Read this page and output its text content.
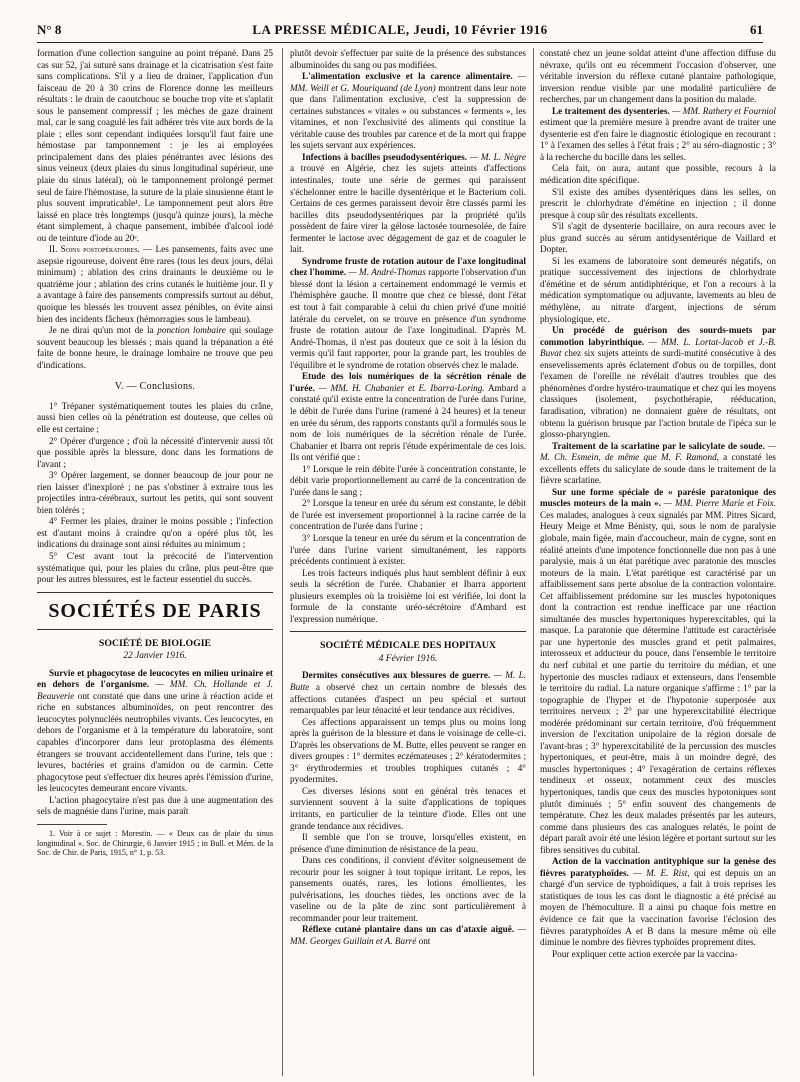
N° 8	LA PRESSE MÉDICALE, Jeudi, 10 Février 1916	61

formation d'une collection sanguine au point trépané. Dans 25 cas sur 52, j'ai suturé sans drainage et la cicatrisation s'est faite sans complications. S'il y a lieu de drainer, l'application d'un faisceau de 20 à 30 crins de Florence donne les meilleurs résultats : le drain de caoutchouc se bouche trop vite et s'aplatit sous le pansement compressif ; les mèches de gaze drainent mal, car le sang coagulé les fait adhérer très vite aux bords de la plaie ; elles sont cependant indiquées lorsqu'il faut faire une hémostase par tamponnement : je les ai employées principalement dans des plaies pénétrantes avec lésions des sinus veineux (deux plaies du sinus longitudinal supérieur, une plaie du sinus latéral), où le tamponnement prolongé permet seul de faire l'hémostase, la suture de la plaie sinusienne étant le plus souvent impraticable¹. Le tamponnement peut alors être laissé en place très longtemps (jusqu'à quinze jours), la mèche étant simplement, à chaque pansement, imbibée d'alcool iodé ou de teinture d'iode au 20ᵉ.

II. Soins postopératoires. — Les pansements, faits avec une asepsie rigoureuse, doivent être rares (tous les deux jours, délai minimum) ; ablation des crins drainants le deuxième ou le quatrième jour ; ablation des crins cutanés le huitième jour. Il y a avantage à faire des pansements compressifs surtout au début, quoique les blessés les trouvent assez pénibles, on évite ainsi bien des incidents fâcheux (hémorragies sous le lambeau).

Je ne dirai qu'un mot de la ponction lombaire qui soulage souvent beaucoup les blessés ; mais quand la trépanation a été faite de bonne heure, le drainage lombaire ne trouve que peu d'indications.

V. — Conclusions.

1° Trépaner systématiquement toutes les plaies du crâne, aussi bien celles où la pénétration est douteuse, que celles où elle est certaine ;

2° Opérer d'urgence ; d'où la nécessité d'intervenir aussi tôt que possible après la blessure, donc dans les formations de l'avant ;

3° Opérer largement, se donner beaucoup de jour pour ne rien laisser d'inexploré ; ne pas s'obstiner à extraire tous les projectiles intra-cérébraux, surtout les petits, qui sont souvent bien tolérés ;

4° Fermer les plaies, drainer le moins possible ; l'infection est d'autant moins à craindre qu'on a opéré plus tôt, les indications du drainage sont ainsi réduites au minimum ;

5° C'est avant tout la précocité de l'intervention systématique qui, pour les plaies du crâne, plus peut-être que pour les autres blessures, est le facteur essentiel du succès.

SOCIÉTÉS DE PARIS
SOCIÉTÉ DE BIOLOGIE
22 Janvier 1916.

Survie et phagocytose de leucocytes en milieu urinaire et en dehors de l'organisme. — MM. Ch. Hollande et J. Beauverie ont constaté que dans une urine à réaction acide et riche en substances albuminoïdes, on peut rencontrer des leucocytes polynucléés neutrophiles vivants. Ces leucocytes, en dehors de l'organisme et à la température du laboratoire, sont capables d'incorporer dans leur protoplasma des éléments étrangers se trouvant accidentellement dans l'urine, tels que : levures, bactéries et grains d'amidon ou de carmin. Cette phagocytose peut s'effectuer dix heures après l'émission d'urine, les leucocytes demeurant encore vivants.

L'action phagocytaire n'est pas due à une augmentation des sels de magnésie dans l'urine, mais paraît

1. Voir à ce sujet : Morestin. — « Deux cas de plaie du sinus longitudinal ». Soc. de Chirurgie, 6 Janvier 1915 ; in Bull. et Mém. de la Soc. de Chir. de Paris, 1915, n° 1, p. 53.

plutôt devoir s'effectuer par suite de la présence des substances albuminoïdes du sang ou pas modifiées.

L'alimentation exclusive et la carence alimentaire. — MM. Weill et G. Mouriquand (de Lyon) montrent dans leur note que dans l'alimentation exclusive, c'est la suppression de certaines substances « vitales » ou substances « ferments », les vitamines, et non l'exclusivité des aliments qui constitue la véritable cause des troubles par carence et de la mort qui frappe les sujets servant aux expériences.

Infections à bacilles pseudodysentériques. — M. L. Nègre a trouvé en Algérie, chez les sujets atteints d'affections intestinales, toute une série de germes qui paraissent s'échelonner entre le bacille dysentérique et le Bacterium coli. Certains de ces germes paraissent devoir être classés parmi les bacilles dits pseudodysentériques par la propriété qu'ils possèdent de faire virer la gélose lactosée tournesolée, de faire fermenter le lactose avec dégagement de gaz et de coaguler le lait.

Syndrome fruste de rotation autour de l'axe longitudinal chez l'homme. — M. André-Thomas rapporte l'observation d'un blessé dont la lésion a certainement endommagé le vermis et l'hémisphère gauche. Il montre que chez ce blessé, dont l'état est tout à fait comparable à celui du chien privé d'une moitié latérale du cervelet, on se trouve en présence d'un syndrome fruste de rotation autour de l'axe longitudinal. D'après M. André-Thomas, il n'est pas douteux que ce soit à la lésion du vermis qu'il faut rapporter, pour la grande part, les troubles de l'équilibre et le syndrome de rotation observés chez le malade.

Etude des lois numériques de la sécrétion rénale de l'urée. — MM. H. Chabanier et E. Ibarra-Loring. Ambard a constaté qu'il existe entre la concentration de l'urée dans l'urine, le débit de l'urée dans l'urine (ramené à 24 heures) et la teneur en urée du sérum, des rapports constants qu'il a formulés sous le nom de lois numériques de la sécrétion rénale de l'urée. Chabanier et Ibarra ont repris l'étude expérimentale de ces lois. Ils ont vérifié que :

1° Lorsque le rein débite l'urée à concentration constante, le débit varie proportionnellement au carré de la concentration de l'urée dans le sang ;

2° Lorsque la teneur en urée du sérum est constante, le débit de l'urée est inversement proportionnel à la racine carrée de la concentration de l'urée dans l'urine ;

3° Lorsque la teneur en urée du sérum et la concentration de l'urée dans l'urine varient simultanément, les rapports précédents continuent à exister.

Les trois facteurs indiqués plus haut semblent définir à eux seuls la sécrétion de l'urée. Chabanier et Ibarra apportent plusieurs exemples où la troisième loi est vérifiée, loi dont la formule de la constante uréo-sécrétoire d'Ambard est l'expression numérique.

SOCIÉTÉ MÉDICALE DES HOPITAUX
4 Février 1916.

Dermites consécutives aux blessures de guerre. — M. L. Butte a observé chez un certain nombre de blessés des affections cutanées d'aspect un peu spécial et surtout remarquables par leur ténacité et leur tendance aux récidives.

Ces affections apparaissent un temps plus ou moins long après la guérison de la blessure et dans le voisinage de celle-ci. D'après les observations de M. Butte, elles peuvent se ranger en divers groupes : 1° dermites eczémateuses ; 2° kératodermites ; 3° érythrodermies et troubles trophiques cutanés ; 4° pyodermites.

Ces diverses lésions sont en général très tenaces et surviennent souvent à la suite d'applications de topiques irritants, en particulier de la teinture d'iode. Elles ont une grande tendance aux récidives.

Il semble que l'on se trouve, lorsqu'elles existent, en présence d'une diminution de résistance de la peau.

Dans ces conditions, il convient d'éviter soigneusement de recourir pour les soigner à tout topique irritant. Le repos, les pansements ouatés, rares, les lotions émollientes, les pulvérisations, les douches tièdes, les onctions avec de la vaseline ou de la pâte de zinc sont particulièrement à recommander pour leur traitement.

Réflexe cutané plantaire dans un cas d'ataxie aiguë. — MM. Georges Guillain et A. Barré ont

constaté chez un jeune soldat atteint d'une affection diffuse du névraxe, qu'ils ont eu récemment l'occasion d'observer, une véritable inversion du réflexe cutané plantaire pathologique, inversion rendue visible par une modalité particulière de recherches, par un changement dans la position du malade.

Le traitement des dysenteries. — MM. Rathery et Fourniol estiment que la première mesure à prendre avant de traiter une dysenterie est d'en faire le diagnostic étiologique en recourant : 1° à l'examen des selles à l'état frais ; 2° au séro-diagnostic ; 3° à la recherche du bacille dans les selles.

Cela fait, on aura, autant que possible, recours à la médication dite spécifique.

S'il existe des amibes dysentériques dans les selles, on prescrit le chlorhydrate d'émétine en injection ; il donne presque à coup sûr des résultats excellents.

S'il s'agit de dysenterie bacillaire, on aura recours avec le plus grand succès au sérum antidysentérique de Vaillard et Dopter.

Si les examens de laboratoire sont demeurés négatifs, on pratique successivement des injections de chlorhydrate d'émétine et de sérum antidiphtérique, et l'on a recours à la médication symptomatique ou adjuvante, lavements au bleu de méthylène, au nitrate d'argent, injections de sérum physiologique, etc.

Un procédé de guérison des sourds-muets par commotion labyrinthique. — MM. L. Lortat-Jacob et J.-B. Buvat chez six sujets atteints de surdi-mutité consécutive à des ensevelissements après éclatement d'obus ou de torpilles, dont l'examen de l'oreille ne révélait d'autres troubles que des phénomènes d'ordre hystéro-traumatique et chez qui les moyens classiques (isolement, psychothérapie, rééducation, faradisation, vibration) ne donnaient guère de résultats, ont obtenu la guérison brusque par l'action brutale de l'ipéca sur le glosso-pharyngien.

Traitement de la scarlatine par le salicylate de soude. — M. Ch. Esmein, de même que M. F. Ramond, a constaté les excellents effets du salicylate de soude dans le traitement de la fièvre scarlatine.

Sur une forme spéciale de « parésie paratonique des muscles moteurs de la main ». — MM. Pierre Marie et Foix. Ces malades, analogues à ceux signalés par MM. Pitres Sicard, Heury Meige et Mme Bénisty, qui, sous le nom de paralysie globale, main figée, main d'accoucheur, main de cygne, sont en réalité atteints d'une impotence fonctionnelle due non pas à une paralysie, mais à un état parétique avec paratonie des muscles moteurs de la main. L'état parétique est caractérisé par un affaiblissement sans perte absolue de la contraction volontaire. Cet affaiblissement prédomine sur les muscles hypotoniques dont la contraction est rendue inefficace par une réaction simultanée des muscles hypertoniques hyperexcitables, qui la masque. La paratonie que détermine l'attitude est caractérisée par une hypertonie des muscles grand et petit palmaires, interosseux et adducteur du pouce, dans l'ensemble le territoire du nerf cubital et une partie du territoire du médian, et une hypertonie des muscles radiaux et extenseurs, dans l'ensemble le territoire du radial. La nature organique s'affirme : 1° par la topographie de l'hyper et de l'hypotonie superposée aux territoires nerveux ; 2° par une hyperexcitabilité électrique modérée prédominant sur certain territoire, d'où fréquemment inversion de l'excitation unipolaire de la région dorsale de l'avant-bras ; 3° hyperexcitabilité de la percussion des muscles hypertoniques, et peut-être, mais à un moindre degré, des muscles hypertoniques ; 4° l'exagération de certains réflexes tendineux et osseux, notamment ceux des muscles hypertoniques, tandis que ceux des muscles hypotoniques sont plutôt diminués ; 5° enfin souvent des changements de température. Chez les deux malades présentés par les auteurs, comme dans plusieurs des cas analogues relatés, le point de départ paraît avoir été une lésion légère et portant surtout sur les fibres sensitives du cubital.

Action de la vaccination antityphique sur la genèse des fièvres paratyphoïdes. — M. E. Rist, qui est depuis un an chargé d'un service de typhoïdiques, a fait à trois reprises les statistiques de tous les cas dont le diagnostic a été précisé au moyen de l'hémoculture. Il a ainsi pu chaque fois mettre en évidence ce fait que la vaccination favorise l'éclosion des fièvres paratyphoïdes A et B dans la mesure même où elle diminue le nombre des fièvres typhoïdes proprement dites.

Pour expliquer cette action exercée par la vaccina-
